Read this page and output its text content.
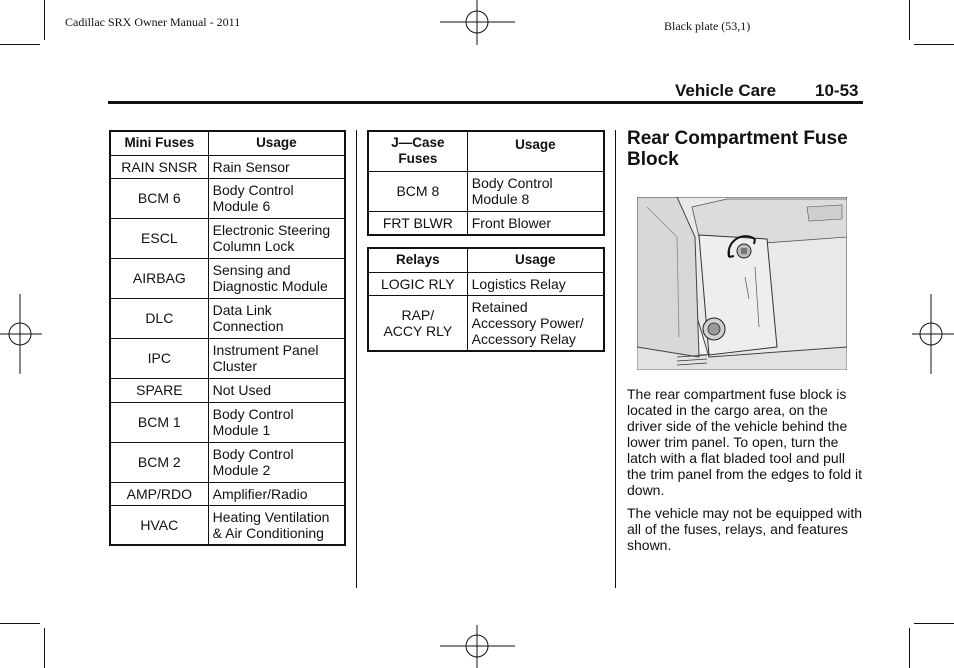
Cadillac SRX Owner Manual - 2011	Black plate (53,1)
Vehicle Care 10-53
Mini Fuses	Usage
RAIN SNSR	Rain Sensor
BCM 6	Body Control
Module 6
ESCL	Electronic Steering
Column Lock
AIRBAG	Sensing and
Diagnostic Module
DLC	Data Link
Connection
IPC	Instrument Panel
Cluster
SPARE	Not Used
BCM 1	Body Control
Module 1
BCM 2	Body Control
Module 2
AMP/RDO	Amplifier/Radio
HVAC	Heating Ventilation
& Air Conditioning
J—Case
Fuses	Usage
BCM 8	Body Control
Module 8
FRT BLWR	Front Blower
Relays	Usage
LOGIC RLY	Logistics Relay
RAP/
ACCY RLY	Retained
Accessory Power/
Accessory Relay
Rear Compartment Fuse Block
The rear compartment fuse block is located in the cargo area, on the driver side of the vehicle behind the lower trim panel. To open, turn the latch with a flat bladed tool and pull the trim panel from the edges to fold it down.
The vehicle may not be equipped with all of the fuses, relays, and features shown.
